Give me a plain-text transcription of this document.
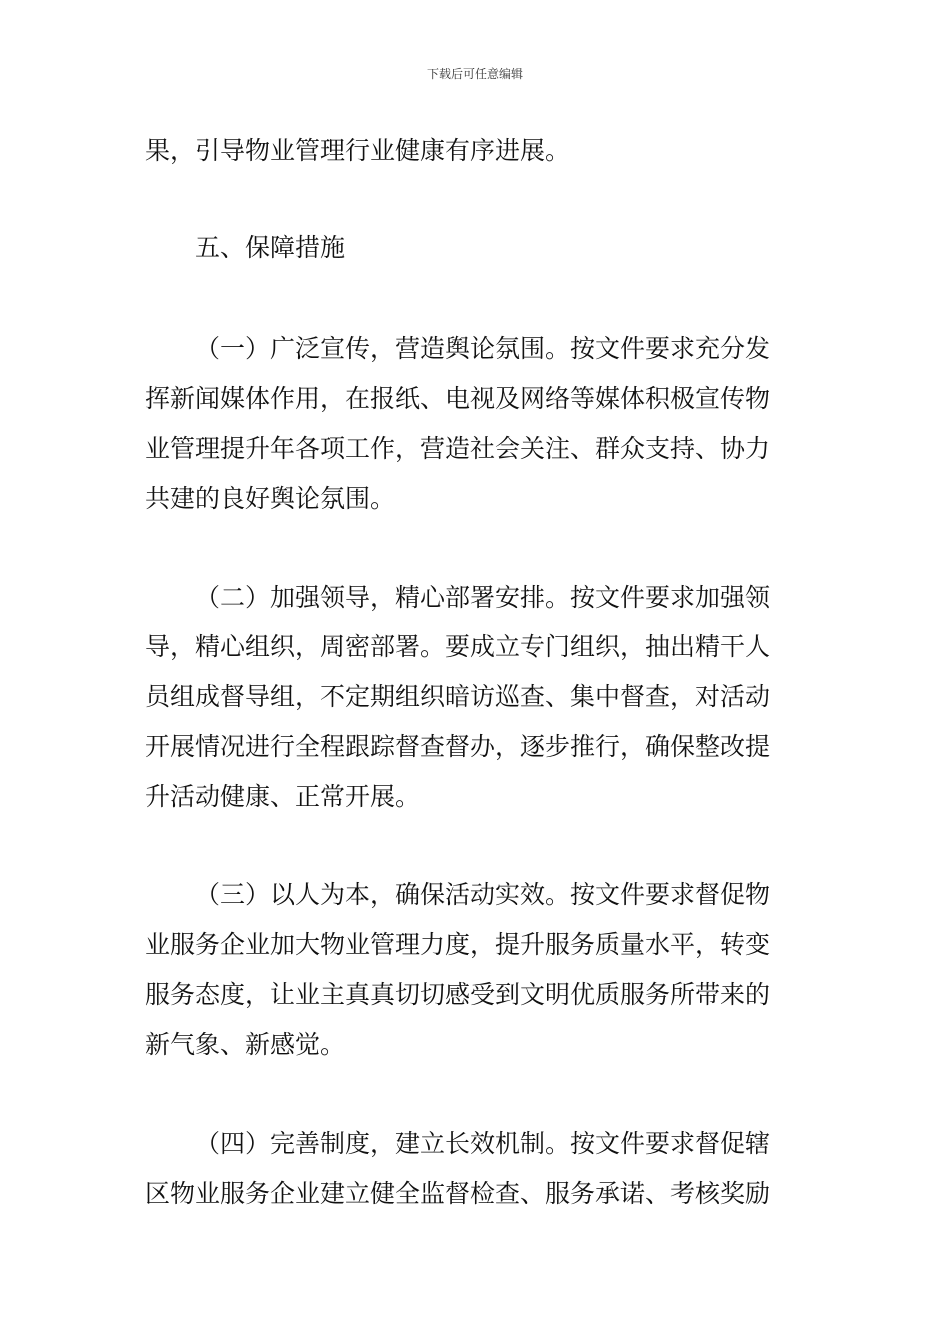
下载后可任意编辑
果，引导物业管理行业健康有序进展。
五、保障措施
（一）广泛宣传，营造舆论氛围。按文件要求充分发
挥新闻媒体作用，在报纸、电视及网络等媒体积极宣传物
业管理提升年各项工作，营造社会关注、群众支持、协力
共建的良好舆论氛围。
（二）加强领导，精心部署安排。按文件要求加强领
导，精心组织，周密部署。要成立专门组织，抽出精干人
员组成督导组，不定期组织暗访巡查、集中督查，对活动
开展情况进行全程跟踪督查督办，逐步推行，确保整改提
升活动健康、正常开展。
（三）以人为本，确保活动实效。按文件要求督促物
业服务企业加大物业管理力度，提升服务质量水平，转变
服务态度，让业主真真切切感受到文明优质服务所带来的
新气象、新感觉。
（四）完善制度，建立长效机制。按文件要求督促辖
区物业服务企业建立健全监督检查、服务承诺、考核奖励
